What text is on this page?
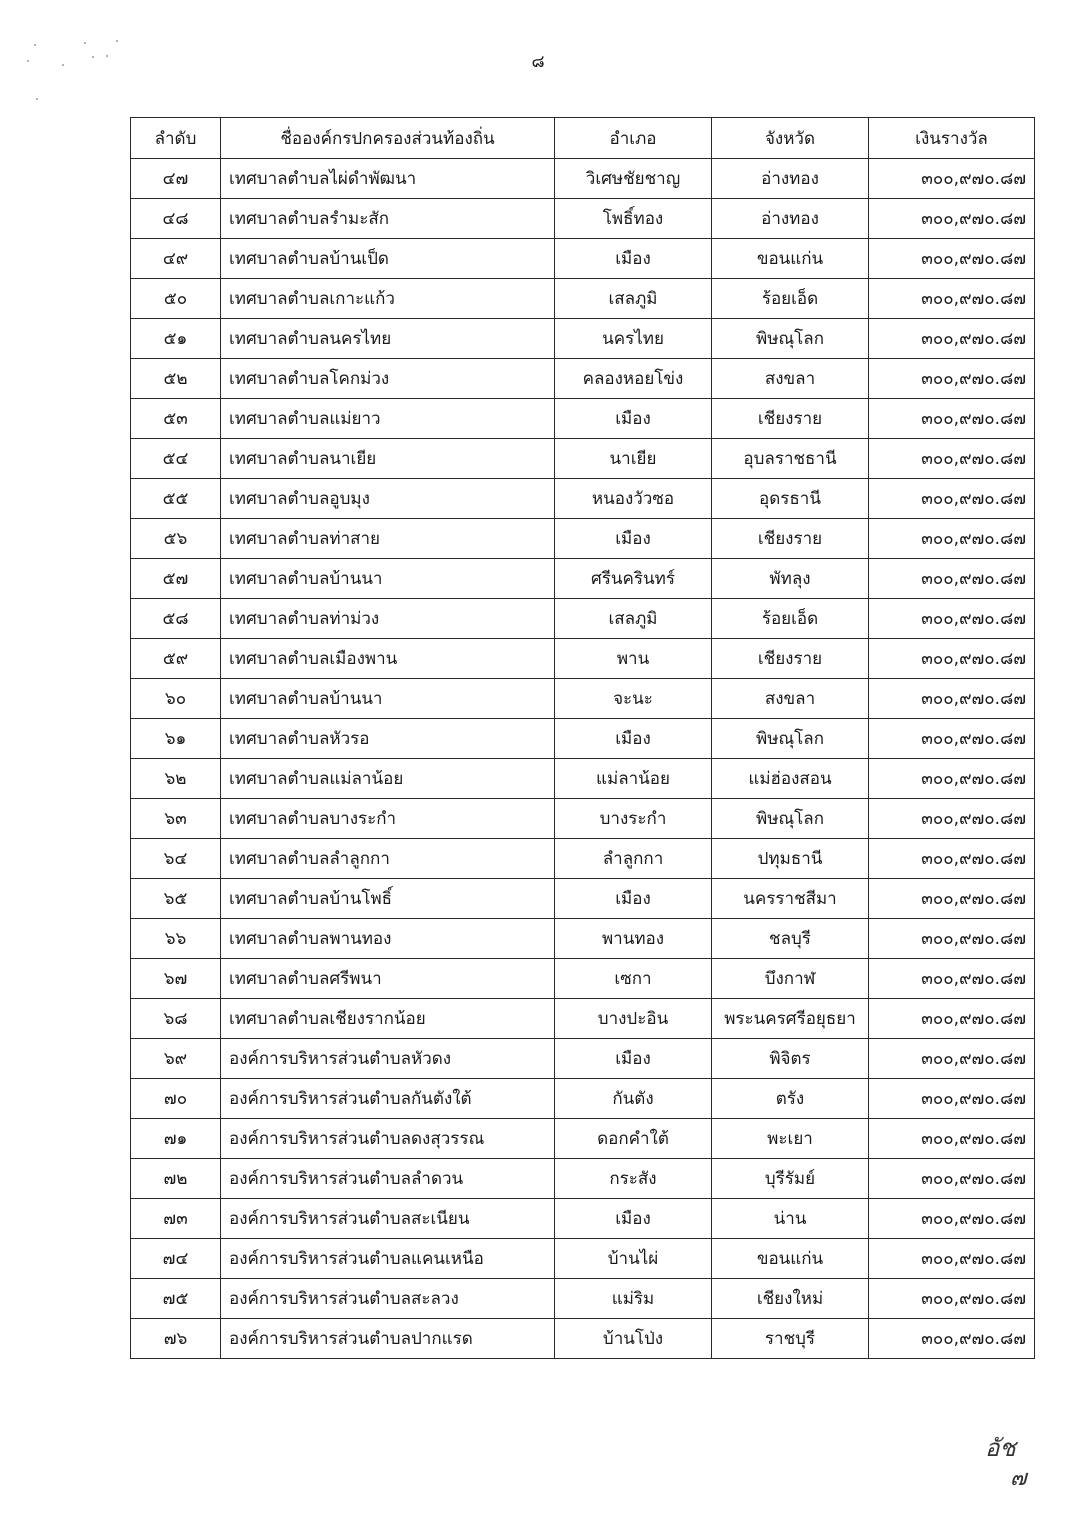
๘
ลำดับ	ชื่อองค์กรปกครองส่วนท้องถิ่น	อำเภอ	จังหวัด	เงินรางวัล
๔๗	เทศบาลตำบลไผ่ดำพัฒนา	วิเศษชัยชาญ	อ่างทอง	๓๐๐,๙๗๐.๘๗
๔๘	เทศบาลตำบลรำมะสัก	โพธิ์ทอง	อ่างทอง	๓๐๐,๙๗๐.๘๗
๔๙	เทศบาลตำบลบ้านเป็ด	เมือง	ขอนแก่น	๓๐๐,๙๗๐.๘๗
๕๐	เทศบาลตำบลเกาะแก้ว	เสลภูมิ	ร้อยเอ็ด	๓๐๐,๙๗๐.๘๗
๕๑	เทศบาลตำบลนครไทย	นครไทย	พิษณุโลก	๓๐๐,๙๗๐.๘๗
๕๒	เทศบาลตำบลโคกม่วง	คลองหอยโข่ง	สงขลา	๓๐๐,๙๗๐.๘๗
๕๓	เทศบาลตำบลแม่ยาว	เมือง	เชียงราย	๓๐๐,๙๗๐.๘๗
๕๔	เทศบาลตำบลนาเยีย	นาเยีย	อุบลราชธานี	๓๐๐,๙๗๐.๘๗
๕๕	เทศบาลตำบลอูบมุง	หนองวัวซอ	อุดรธานี	๓๐๐,๙๗๐.๘๗
๕๖	เทศบาลตำบลท่าสาย	เมือง	เชียงราย	๓๐๐,๙๗๐.๘๗
๕๗	เทศบาลตำบลบ้านนา	ศรีนครินทร์	พัทลุง	๓๐๐,๙๗๐.๘๗
๕๘	เทศบาลตำบลท่าม่วง	เสลภูมิ	ร้อยเอ็ด	๓๐๐,๙๗๐.๘๗
๕๙	เทศบาลตำบลเมืองพาน	พาน	เชียงราย	๓๐๐,๙๗๐.๘๗
๖๐	เทศบาลตำบลบ้านนา	จะนะ	สงขลา	๓๐๐,๙๗๐.๘๗
๖๑	เทศบาลตำบลหัวรอ	เมือง	พิษณุโลก	๓๐๐,๙๗๐.๘๗
๖๒	เทศบาลตำบลแม่ลาน้อย	แม่ลาน้อย	แม่ฮ่องสอน	๓๐๐,๙๗๐.๘๗
๖๓	เทศบาลตำบลบางระกำ	บางระกำ	พิษณุโลก	๓๐๐,๙๗๐.๘๗
๖๔	เทศบาลตำบลลำลูกกา	ลำลูกกา	ปทุมธานี	๓๐๐,๙๗๐.๘๗
๖๕	เทศบาลตำบลบ้านโพธิ์	เมือง	นครราชสีมา	๓๐๐,๙๗๐.๘๗
๖๖	เทศบาลตำบลพานทอง	พานทอง	ชลบุรี	๓๐๐,๙๗๐.๘๗
๖๗	เทศบาลตำบลศรีพนา	เซกา	บึงกาฬ	๓๐๐,๙๗๐.๘๗
๖๘	เทศบาลตำบลเชียงรากน้อย	บางปะอิน	พระนครศรีอยุธยา	๓๐๐,๙๗๐.๘๗
๖๙	องค์การบริหารส่วนตำบลหัวดง	เมือง	พิจิตร	๓๐๐,๙๗๐.๘๗
๗๐	องค์การบริหารส่วนตำบลกันตังใต้	กันตัง	ตรัง	๓๐๐,๙๗๐.๘๗
๗๑	องค์การบริหารส่วนตำบลดงสุวรรณ	ดอกคำใต้	พะเยา	๓๐๐,๙๗๐.๘๗
๗๒	องค์การบริหารส่วนตำบลลำดวน	กระสัง	บุรีรัมย์	๓๐๐,๙๗๐.๘๗
๗๓	องค์การบริหารส่วนตำบลสะเนียน	เมือง	น่าน	๓๐๐,๙๗๐.๘๗
๗๔	องค์การบริหารส่วนตำบลแคนเหนือ	บ้านไผ่	ขอนแก่น	๓๐๐,๙๗๐.๘๗
๗๕	องค์การบริหารส่วนตำบลสะลวง	แม่ริม	เชียงใหม่	๓๐๐,๙๗๐.๘๗
๗๖	องค์การบริหารส่วนตำบลปากแรด	บ้านโป่ง	ราชบุรี	๓๐๐,๙๗๐.๘๗
อัช
๗
